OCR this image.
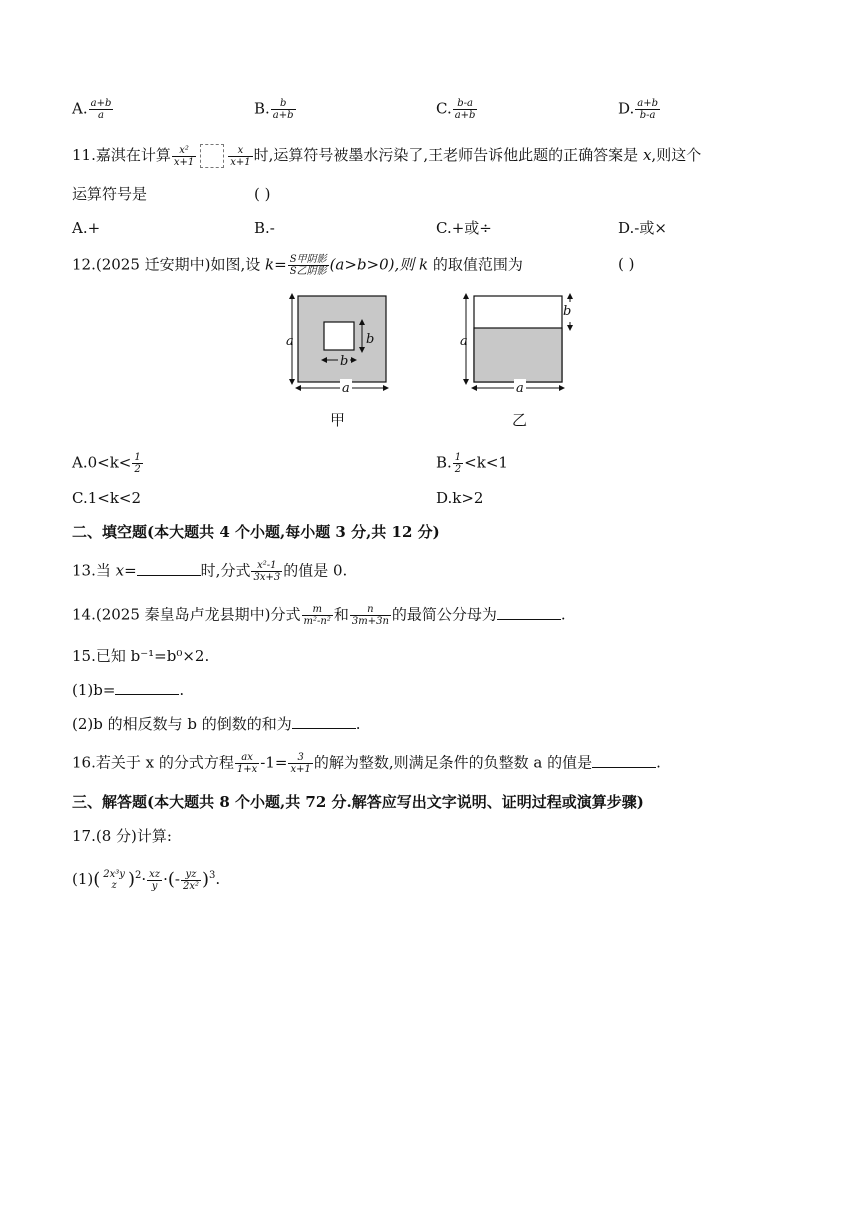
A. $\frac{a+b}{a}$	B. $\frac{b}{a+b}$	C. $\frac{b-a}{a+b}$	D. $\frac{a+b}{b-a}$
11.嘉淇在计算 $\frac{\text{x²}}{x+1}$	$\frac{x}{x+1}$ 时,运算符号被墨水污染了,王老师告诉他此题的正确答案是 x,则这个
运算符号是	( )
A.+	B.-	C.+或÷	D.-或×
12.(2025 迁安期中)如图,设 $k= \frac{\text{S甲阴影}}{\text{S乙阴影}} (a>b>0)$,则 k 的取值范围为	( )
a
a
b
b
甲
a
a
b
乙
$A.0<k< \frac{1}{2}$	B. $\frac{1}{2} <k<1$
C.1<k<2	D.k>2
二、填空题(本大题共 4 个小题,每小题 3 分,共 12 分)
13.当 x=	时,分式 $\frac{\text{x²-1}}{3x+3}$ 的值是 0.
14.(2025 秦皇岛卢龙县期中)分式 $\frac{m}{\text{m²-n²}}$ 和 $\frac{n}{3m+3n}$ 的最简公分母为	.
15.已知 b⁻¹=b⁰×2.
(1)b=	.
(2)b 的相反数与 b 的倒数的和为	.
16.若关于 x 的分式方程 $\frac{ax}{1+x} -1= \frac{3}{x+1}$ 的解为整数,则满足条件的负整数 a 的值是	.
三、解答题(本大题共 8 个小题,共 72 分.解答应写出文字说明、证明过程或演算步骤)
17.(8 分)计算:
(1)( 2x³y
z )$^2\cdot \frac{xz}{y}$ ·(- $\frac{yz}{\text{2x²}} )^3$.
